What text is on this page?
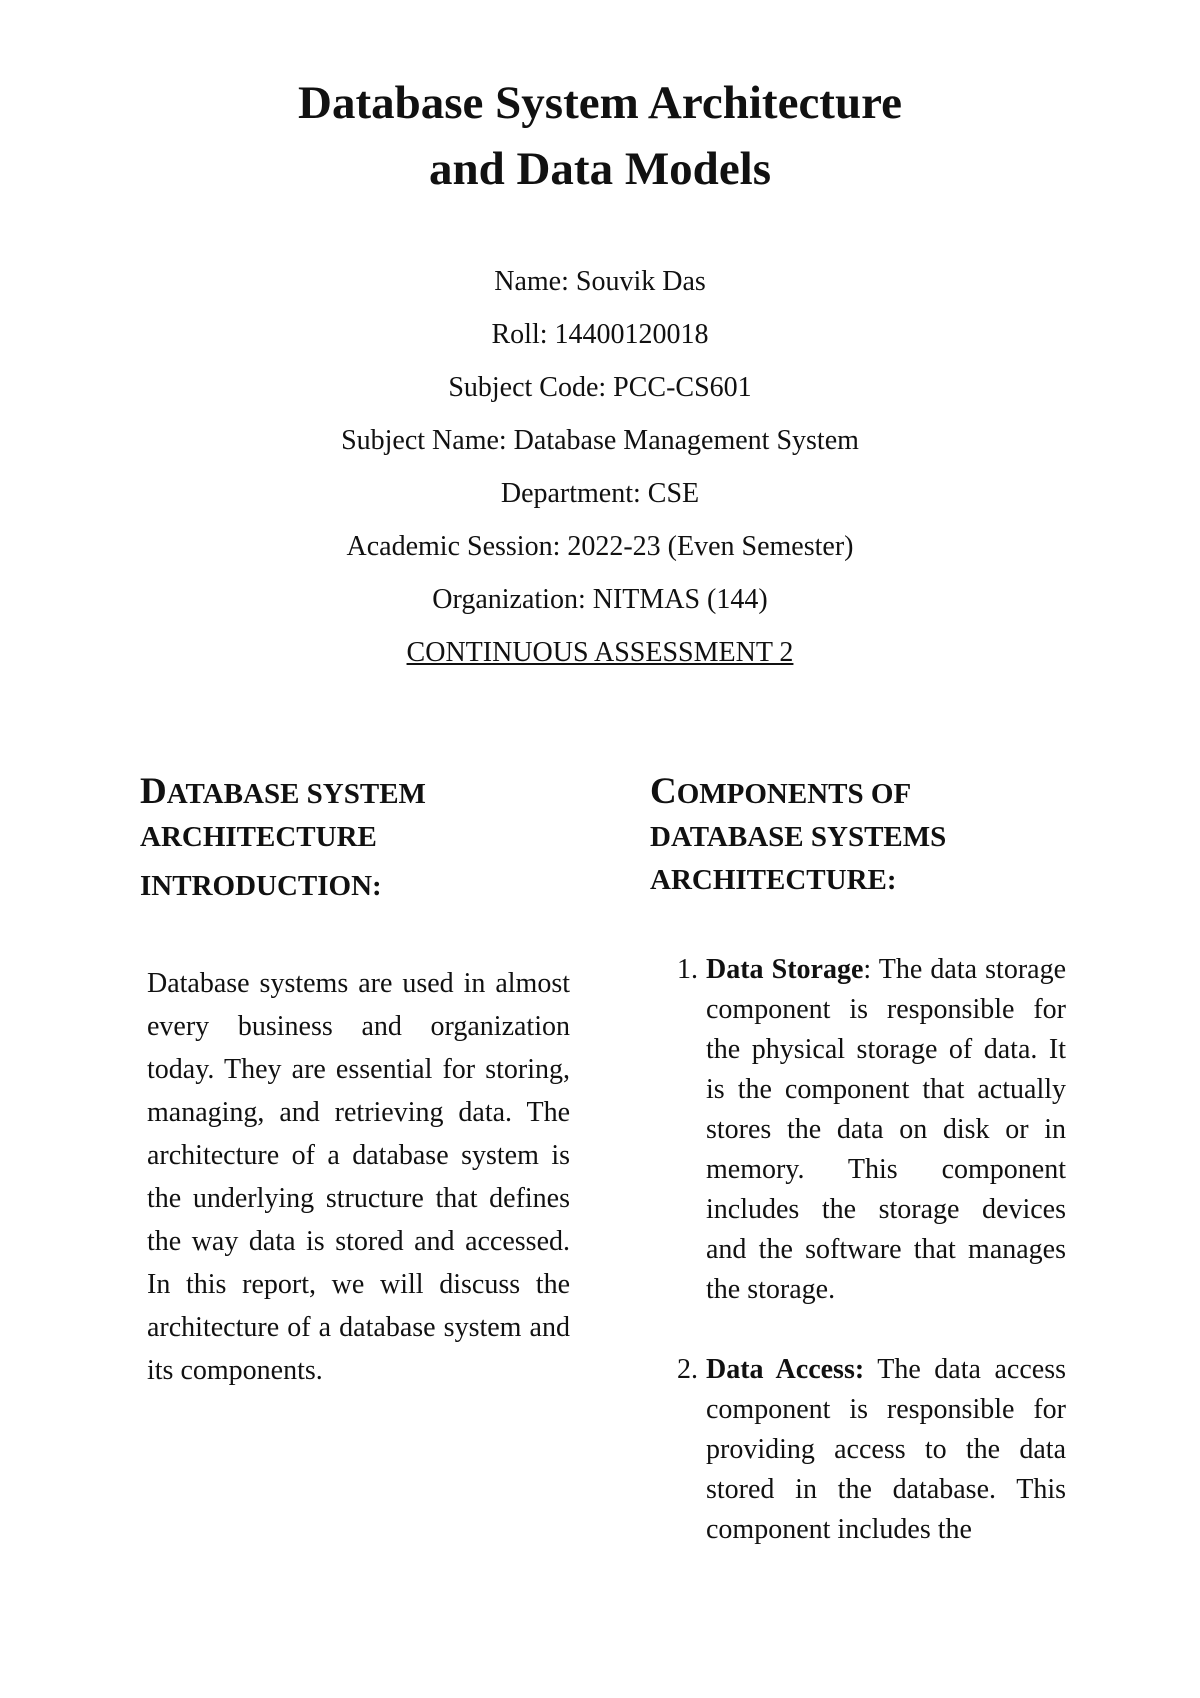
Database System Architecture
and Data Models
Name: Souvik Das
Roll: 14400120018
Subject Code: PCC-CS601
Subject Name: Database Management System
Department: CSE
Academic Session: 2022-23 (Even Semester)
Organization: NITMAS (144)
CONTINUOUS ASSESSMENT 2
DATABASE SYSTEM
ARCHITECTURE
INTRODUCTION:
Database systems are used in almost every business and organization today. They are essential for storing, managing, and retrieving data. The architecture of a database system is the underlying structure that defines the way data is stored and accessed. In this report, we will discuss the architecture of a database system and its components.
COMPONENTS OF
DATABASE SYSTEMS
ARCHITECTURE:
1. Data Storage: The data storage component is responsible for the physical storage of data. It is the component that actually stores the data on disk or in memory. This component includes the storage devices and the software that manages the storage.
2. Data Access: The data access component is responsible for providing access to the data stored in the database. This component includes the
